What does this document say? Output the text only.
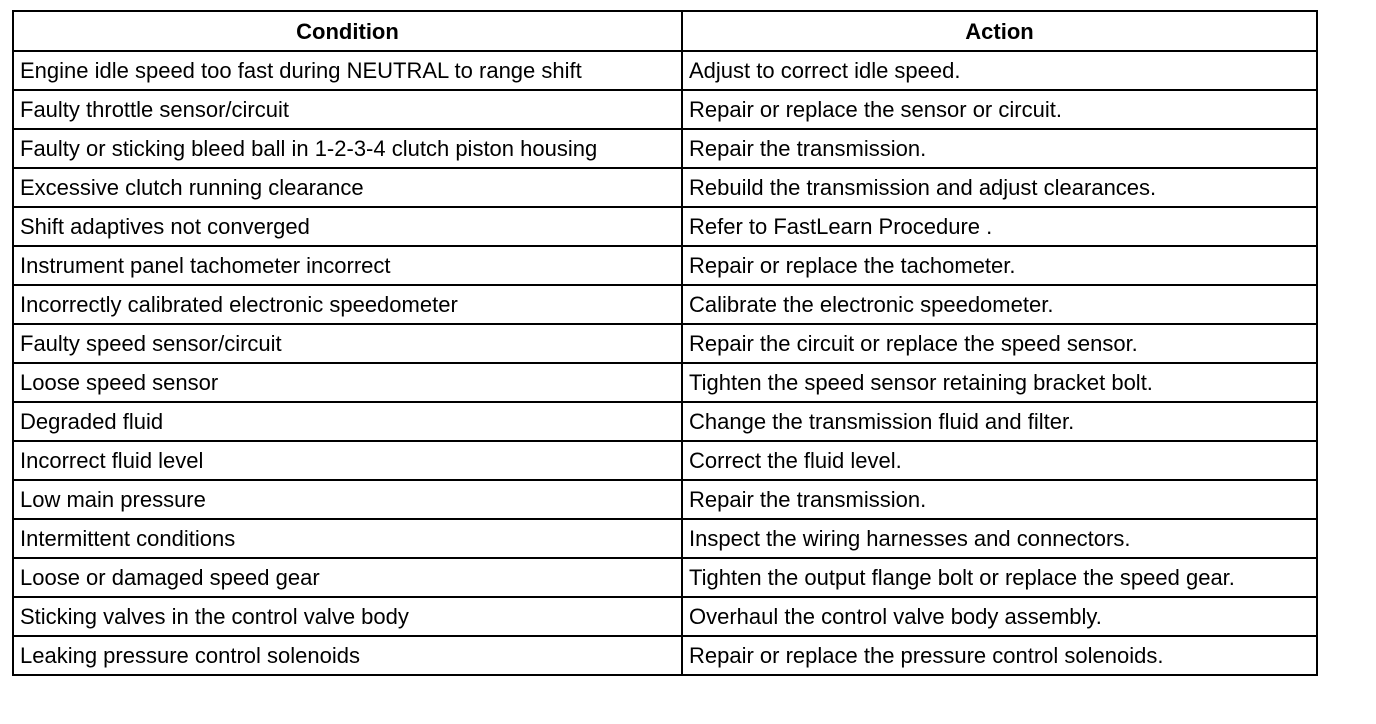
Condition	Action
Engine idle speed too fast during NEUTRAL to range shift	Adjust to correct idle speed.
Faulty throttle sensor/circuit	Repair or replace the sensor or circuit.
Faulty or sticking bleed ball in 1-2-3-4 clutch piston housing	Repair the transmission.
Excessive clutch running clearance	Rebuild the transmission and adjust clearances.
Shift adaptives not converged	Refer to FastLearn Procedure .
Instrument panel tachometer incorrect	Repair or replace the tachometer.
Incorrectly calibrated electronic speedometer	Calibrate the electronic speedometer.
Faulty speed sensor/circuit	Repair the circuit or replace the speed sensor.
Loose speed sensor	Tighten the speed sensor retaining bracket bolt.
Degraded fluid	Change the transmission fluid and filter.
Incorrect fluid level	Correct the fluid level.
Low main pressure	Repair the transmission.
Intermittent conditions	Inspect the wiring harnesses and connectors.
Loose or damaged speed gear	Tighten the output flange bolt or replace the speed gear.
Sticking valves in the control valve body	Overhaul the control valve body assembly.
Leaking pressure control solenoids	Repair or replace the pressure control solenoids.
